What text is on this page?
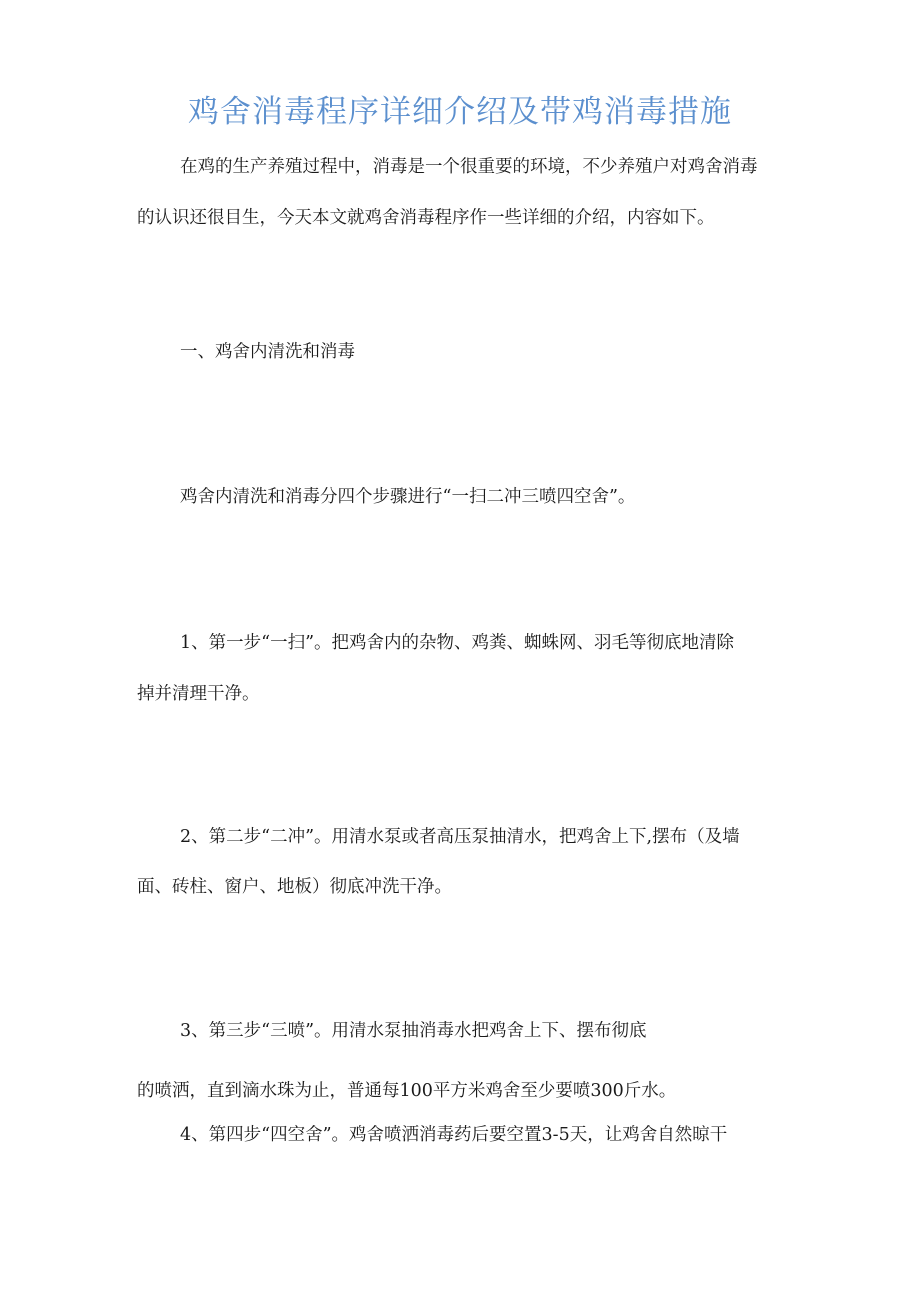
鸡舍消毒程序详细介绍及带鸡消毒措施
在鸡的生产养殖过程中，消毒是一个很重要的环境，不少养殖户对鸡舍消毒
的认识还很目生，今天本文就鸡舍消毒程序作一些详细的介绍，内容如下。
一、鸡舍内清洗和消毒
鸡舍内清洗和消毒分四个步骤进行“一扫二冲三喷四空舍”。
1、第一步“一扫”。把鸡舍内的杂物、鸡粪、蜘蛛网、羽毛等彻底地清除
掉并清理干净。
2、第二步“二冲”。用清水泵或者高压泵抽清水，把鸡舍上下,摆布（及墙
面、砖柱、窗户、地板）彻底冲洗干净。
3、第三步“三喷”。用清水泵抽消毒水把鸡舍上下、摆布彻底
的喷洒，直到滴水珠为止，普通每100平方米鸡舍至少要喷300斤水。
4、第四步“四空舍”。鸡舍喷洒消毒药后要空置3-5天，让鸡舍自然晾干
